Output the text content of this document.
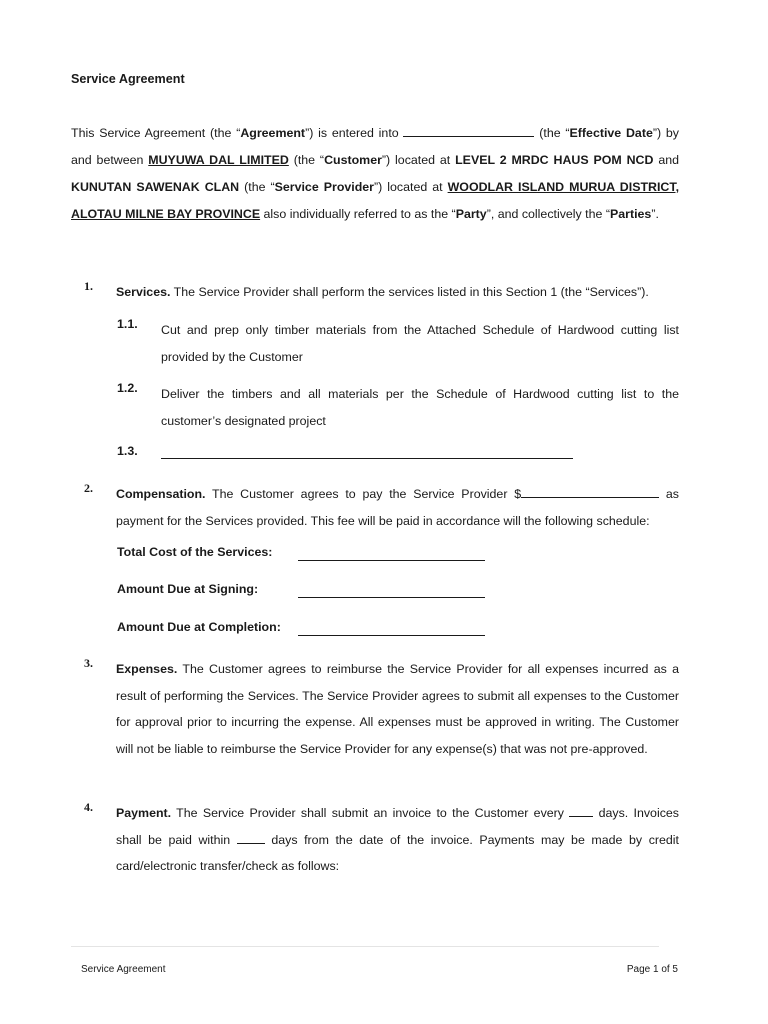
Service Agreement
This Service Agreement (the “Agreement”) is entered into	(the “Effective Date”) by and between MUYUWA DAL LIMITED (the “Customer”) located at LEVEL 2 MRDC HAUS POM NCD and KUNUTAN SAWENAK CLAN (the “Service Provider”) located at WOODLAR ISLAND MURUA DISTRICT, ALOTAU MILNE BAY PROVINCE also individually referred to as the “Party”, and collectively the “Parties”.
1. Services. The Service Provider shall perform the services listed in this Section 1 (the “Services”).
1.1. Cut and prep only timber materials from the Attached Schedule of Hardwood cutting list provided by the Customer
1.2. Deliver the timbers and all materials per the Schedule of Hardwood cutting list to the customer’s designated project
1.3.
2. Compensation. The Customer agrees to pay the Service Provider $	as payment for the Services provided. This fee will be paid in accordance will the following schedule:
Total Cost of the Services:
Amount Due at Signing:
Amount Due at Completion:
3. Expenses. The Customer agrees to reimburse the Service Provider for all expenses incurred as a result of performing the Services. The Service Provider agrees to submit all expenses to the Customer for approval prior to incurring the expense. All expenses must be approved in writing. The Customer will not be liable to reimburse the Service Provider for any expense(s) that was not pre-approved.
4. Payment. The Service Provider shall submit an invoice to the Customer every  days. Invoices shall be paid within  days from the date of the invoice. Payments may be made by credit card/electronic transfer/check as follows:
Service Agreement	Page 1 of 5
